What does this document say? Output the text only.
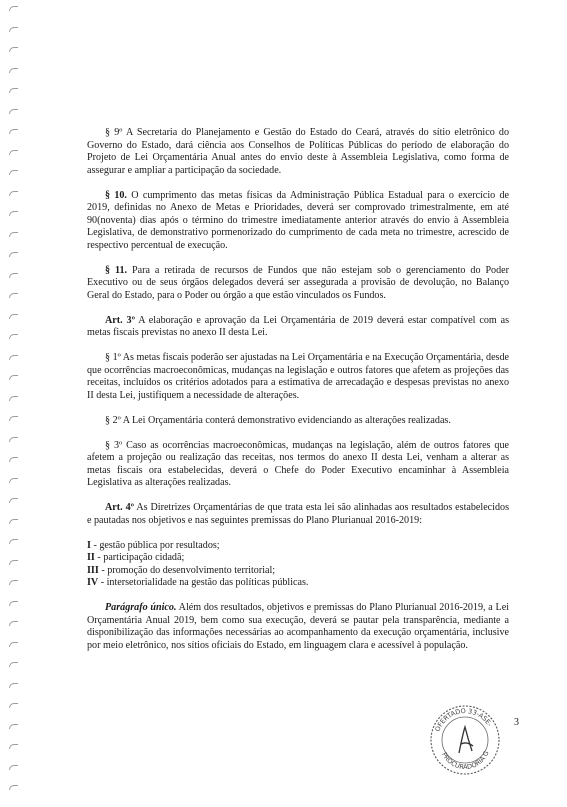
§ 9º A Secretaria do Planejamento e Gestão do Estado do Ceará, através do sítio eletrônico do Governo do Estado, dará ciência aos Conselhos de Políticas Públicas do período de elaboração do Projeto de Lei Orçamentária Anual antes do envio deste à Assembleia Legislativa, como forma de assegurar e ampliar a participação da sociedade.

§ 10. O cumprimento das metas físicas da Administração Pública Estadual para o exercício de 2019, definidas no Anexo de Metas e Prioridades, deverá ser comprovado trimestralmente, em até 90(noventa) dias após o término do trimestre imediatamente anterior através do envio à Assembleia Legislativa, de demonstrativo pormenorizado do cumprimento de cada meta no trimestre, acrescido de respectivo percentual de execução.

§ 11. Para a retirada de recursos de Fundos que não estejam sob o gerenciamento do Poder Executivo ou de seus órgãos delegados deverá ser assegurada a provisão de devolução, no Balanço Geral do Estado, para o Poder ou órgão a que estão vinculados os Fundos.

Art. 3º A elaboração e aprovação da Lei Orçamentária de 2019 deverá estar compatível com as metas fiscais previstas no anexo II desta Lei.

§ 1º As metas fiscais poderão ser ajustadas na Lei Orçamentária e na Execução Orçamentária, desde que ocorrências macroeconômicas, mudanças na legislação e outros fatores que afetem as projeções das receitas, incluídos os critérios adotados para a estimativa de arrecadação e despesas previstas no anexo II desta Lei, justifiquem a necessidade de alterações.

§ 2º A Lei Orçamentária conterá demonstrativo evidenciando as alterações realizadas.

§ 3º Caso as ocorrências macroeconômicas, mudanças na legislação, além de outros fatores que afetem a projeção ou realização das receitas, nos termos do anexo II desta Lei, venham a alterar as metas fiscais ora estabelecidas, deverá o Chefe do Poder Executivo encaminhar à Assembleia Legislativa as alterações realizadas.

Art. 4º As Diretrizes Orçamentárias de que trata esta lei são alinhadas aos resultados estabelecidos e pautadas nos objetivos e nas seguintes premissas do Plano Plurianual 2016-2019:

I - gestão pública por resultados;
II - participação cidadã;
III - promoção do desenvolvimento territorial;
IV - intersetorialidade na gestão das políticas públicas.

Parágrafo único. Além dos resultados, objetivos e premissas do Plano Plurianual 2016-2019, a Lei Orçamentária Anual 2019, bem como sua execução, deverá se pautar pela transparência, mediante a disponibilização das informações necessárias ao acompanhamento da execução orçamentária, inclusive por meio eletrônico, nos sítios oficiais do Estado, em linguagem clara e acessível à população.

OFERTADO 33-ASE-
PROCURADORIA G
3
